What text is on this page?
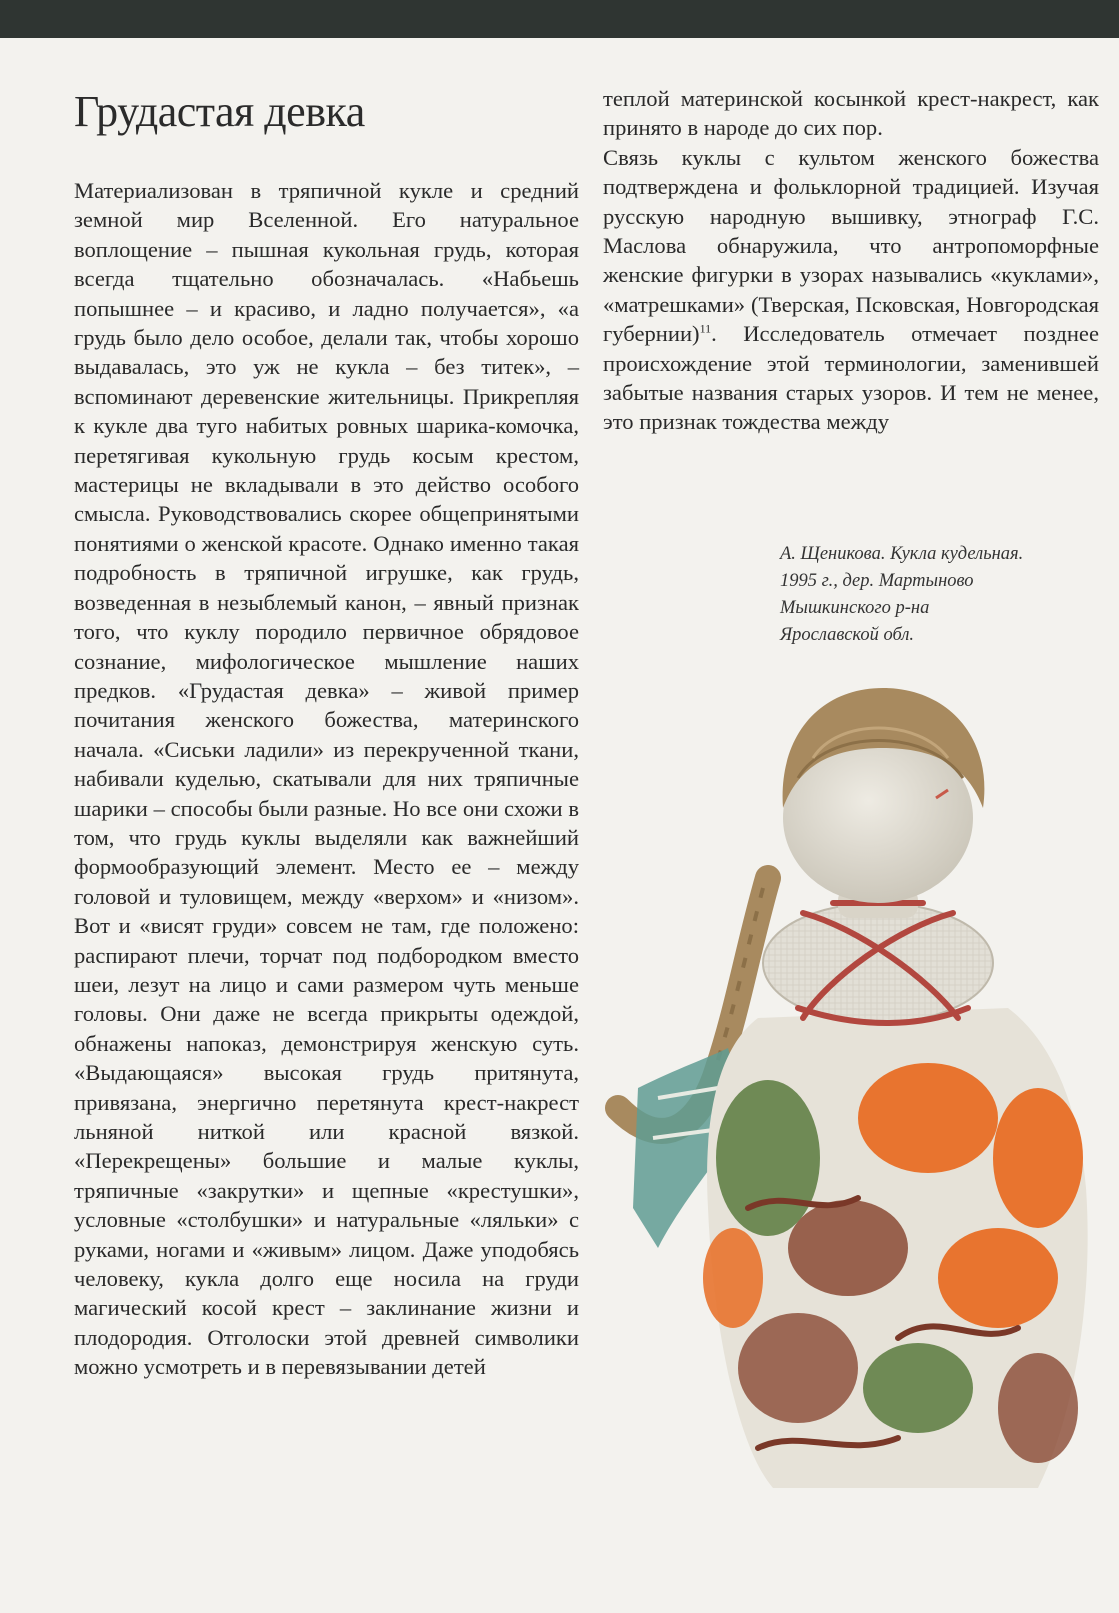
Грудастая девка

Материализован в тряпичной кукле и средний земной мир Вселенной. Его натуральное воплощение – пышная кукольная грудь, которая всегда тщательно обозначалась. «Набьешь попышнее – и красиво, и ладно получается», «а грудь было дело особое, делали так, чтобы хорошо выдавалась, это уж не кукла – без титек», – вспоминают деревенские жительницы. Прикрепляя к кукле два туго набитых ровных шарика-комочка, перетягивая кукольную грудь косым крестом, мастерицы не вкладывали в это действо особого смысла. Руководствовались скорее общепринятыми понятиями о женской красоте. Однако именно такая подробность в тряпичной игрушке, как грудь, возведенная в незыблемый канон, – явный признак того, что куклу породило первичное обрядовое сознание, мифологическое мышление наших предков. «Грудастая девка» – живой пример почитания женского божества, материнского начала. «Сиськи ладили» из перекрученной ткани, набивали куделью, скатывали для них тряпичные шарики – способы были разные. Но все они схожи в том, что грудь куклы выделяли как важнейший формообразующий элемент. Место ее – между головой и туловищем, между «верхом» и «низом». Вот и «висят груди» совсем не там, где положено: распирают плечи, торчат под подбородком вместо шеи, лезут на лицо и сами размером чуть меньше головы. Они даже не всегда прикрыты одеждой, обнажены напоказ, демонстрируя женскую суть. «Выдающаяся» высокая грудь притянута, привязана, энергично перетянута крест-накрест льняной ниткой или красной вязкой. «Перекрещены» большие и малые куклы, тряпичные «закрутки» и щепные «крестушки», условные «столбушки» и натуральные «ляльки» с руками, ногами и «живым» лицом. Даже уподобясь человеку, кукла долго еще носила на груди магический косой крест – заклинание жизни и плодородия. Отголоски этой древней символики можно усмотреть и в перевязывании детей

теплой материнской косынкой крест-накрест, как принято в народе до сих пор.

Связь куклы с культом женского божества подтверждена и фольклорной традицией. Изучая русскую народную вышивку, этнограф Г.С. Маслова обнаружила, что антропоморфные женские фигурки в узорах назывались «куклами», «матрешками» (Тверская, Псковская, Новгородская губернии)$^{11}$. Исследователь отмечает позднее происхождение этой терминологии, заменившей забытые названия старых узоров. И тем не менее, это признак тождества между

А. Щеникова. Кукла кудельная.
1995 г., дер. Мартыново
Мышкинского р-на
Ярославской обл.
